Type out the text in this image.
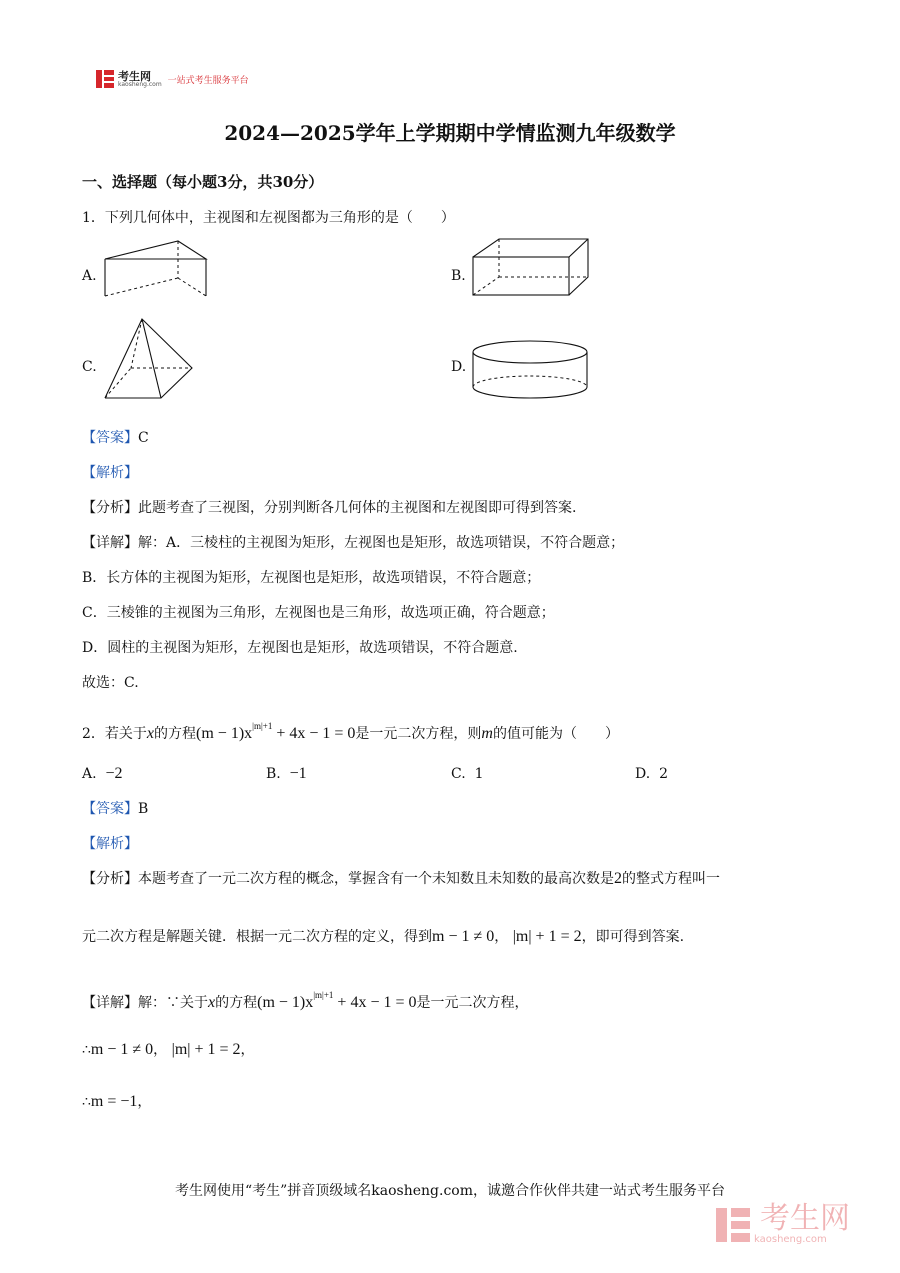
考生网
kaosheng.com 一站式考生服务平台
2024—2025学年上学期期中学情监测九年级数学
一、选择题（每小题3分，共30分）
1．下列几何体中，主视图和左视图都为三角形的是（　　）
A.	B.
C.	D.
【答案】C
【解析】
【分析】此题考查了三视图，分别判断各几何体的主视图和左视图即可得到答案.
【详解】解：A．三棱柱的主视图为矩形，左视图也是矩形，故选项错误，不符合题意；
B．长方体的主视图为矩形，左视图也是矩形，故选项错误，不符合题意；
C．三棱锥的主视图为三角形，左视图也是三角形，故选项正确，符合题意；
D．圆柱的主视图为矩形，左视图也是矩形，故选项错误，不符合题意.
故选：C.
2．若关于x的方程$(m - 1)x^{|m|+1} + 4x - 1 = 0$是一元二次方程，则m的值可能为（　　）
A. −2	B. −1	C. 1	D. 2
【答案】B
【解析】
【分析】本题考查了一元二次方程的概念，掌握含有一个未知数且未知数的最高次数是2的整式方程叫一
元二次方程是解题关键．根据一元二次方程的定义，得到m − 1 ≠ 0， |m| + 1 = 2，即可得到答案.
【详解】解：∵关于x的方程$(m - 1)x^{|m|+1} + 4x - 1 = 0$是一元二次方程，
∴m − 1 ≠ 0， |m| + 1 = 2，
∴m = −1，
考生网使用“考生”拼音顶级域名kaosheng.com，诚邀合作伙伴共建一站式考生服务平台
考生网
kaosheng.com
